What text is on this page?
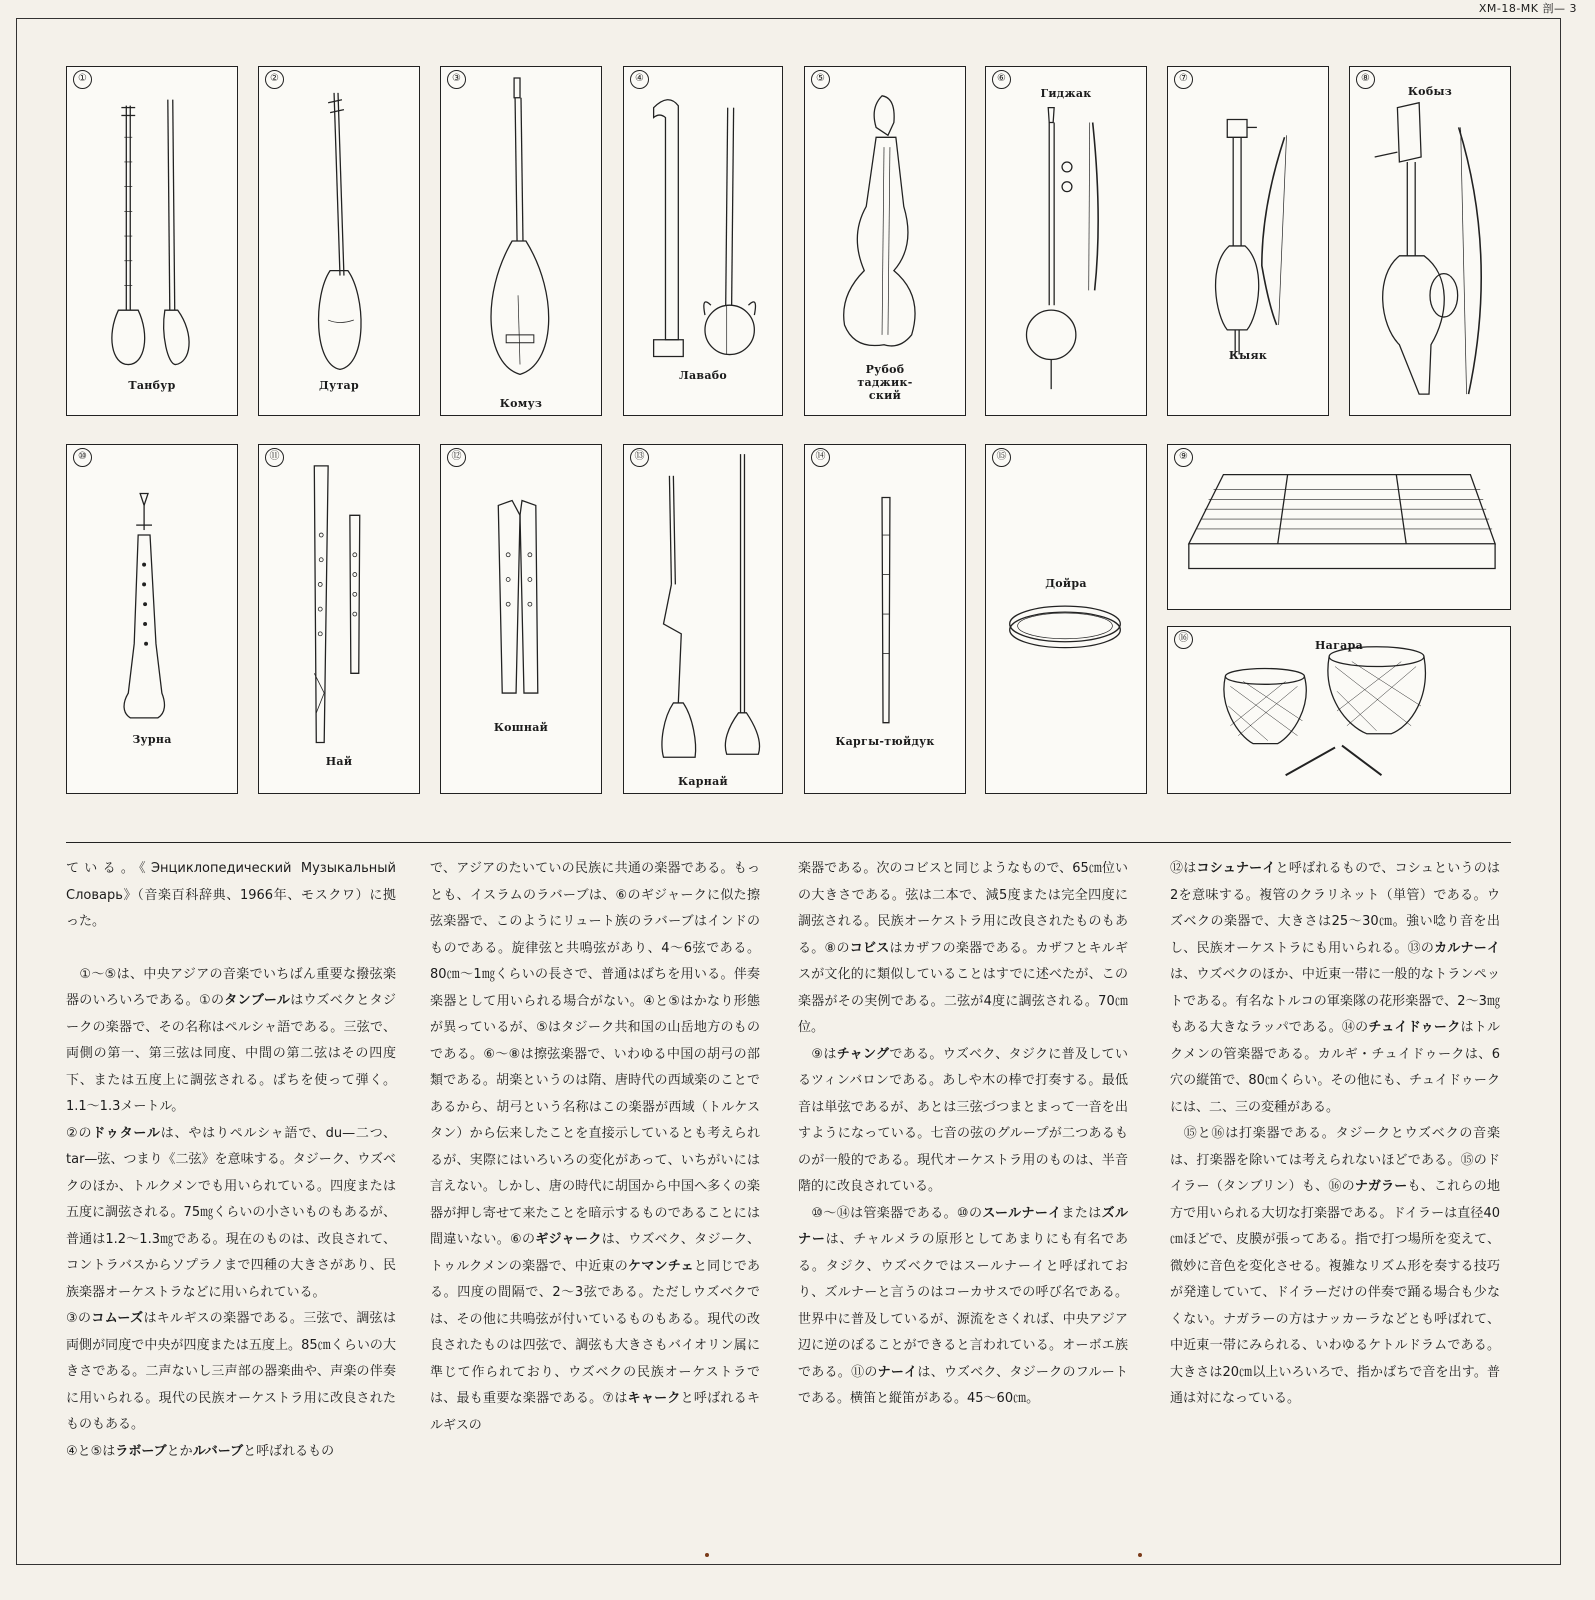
XM-18-MK 剖— 3
①
Танбур
②
Дутар
③
Комуз
④
Лавабо
⑤
Рубоб
таджик-
ский
⑥
Гиджак
⑦
Кыяк
⑧
Кобыз
⑩
Зурна
⑪
Най
⑫
Кошнай
⑬
Карнай
⑭
Каргы-тюйдук
⑮
Дойра
⑨
⑯
Нагара

ている。《Энциклопедический Музыкальный Словарь》（音楽百科辞典、1966年、モスクワ）に拠った。

　①～⑤は、中央アジアの音楽でいちばん重要な撥弦楽器のいろいろである。①のタンブールはウズベクとタジークの楽器で、その名称はペルシャ語である。三弦で、両側の第一、第三弦は同度、中間の第二弦はその四度下、または五度上に調弦される。ばちを使って弾く。1.1～1.3メートル。

②のドゥタールは、やはりペルシャ語で、du—二つ、tar—弦、つまり《二弦》を意味する。タジーク、ウズベクのほか、トルクメンでも用いられている。四度または五度に調弦される。75㎎くらいの小さいものもあるが、普通は1.2～1.3㎎である。現在のものは、改良されて、コントラバスからソプラノまで四種の大きさがあり、民族楽器オーケストラなどに用いられている。

③のコムーズはキルギスの楽器である。三弦で、調弦は両側が同度で中央が四度または五度上。85㎝くらいの大きさである。二声ないし三声部の器楽曲や、声楽の伴奏に用いられる。現代の民族オーケストラ用に改良されたものもある。

④と⑤はラボーブとかルバーブと呼ばれるもの

で、アジアのたいていの民族に共通の楽器である。もっとも、イスラムのラバーブは、⑥のギジャークに似た擦弦楽器で、このようにリュート族のラバーブはインドのものである。旋律弦と共鳴弦があり、4～6弦である。80㎝～1㎎くらいの長さで、普通はばちを用いる。伴奏楽器として用いられる場合がない。④と⑤はかなり形態が異っているが、⑤はタジーク共和国の山岳地方のものである。⑥～⑧は擦弦楽器で、いわゆる中国の胡弓の部類である。胡楽というのは隋、唐時代の西域楽のことであるから、胡弓という名称はこの楽器が西域（トルケスタン）から伝来したことを直接示しているとも考えられるが、実際にはいろいろの変化があって、いちがいには言えない。しかし、唐の時代に胡国から中国へ多くの楽器が押し寄せて来たことを暗示するものであることには間違いない。⑥のギジャークは、ウズベク、タジーク、トゥルクメンの楽器で、中近東のケマンチェと同じである。四度の間隔で、2～3弦である。ただしウズベクでは、その他に共鳴弦が付いているものもある。現代の改良されたものは四弦で、調弦も大きさもバイオリン属に準じて作られており、ウズベクの民族オーケストラでは、最も重要な楽器である。⑦はキャークと呼ばれるキルギスの

楽器である。次のコビスと同じようなもので、65㎝位いの大きさである。弦は二本で、減5度または完全四度に調弦される。民族オーケストラ用に改良されたものもある。⑧のコビスはカザフの楽器である。カザフとキルギスが文化的に類似していることはすでに述べたが、この楽器がその実例である。二弦が4度に調弦される。70㎝位。

　⑨はチャングである。ウズベク、タジクに普及しているツィンバロンである。あしや木の棒で打奏する。最低音は単弦であるが、あとは三弦づつまとまって一音を出すようになっている。七音の弦のグループが二つあるものが一般的である。現代オーケストラ用のものは、半音階的に改良されている。

　⑩～⑭は管楽器である。⑩のスールナーイまたはズルナーは、チャルメラの原形としてあまりにも有名である。タジク、ウズベクではスールナーイと呼ばれており、ズルナーと言うのはコーカサスでの呼び名である。世界中に普及しているが、源流をさくれば、中央アジア辺に逆のぼることができると言われている。オーボエ族である。⑪のナーイは、ウズベク、タジークのフルートである。横笛と縦笛がある。45～60㎝。

⑫はコシュナーイと呼ばれるもので、コシュというのは2を意味する。複管のクラリネット（単管）である。ウズベクの楽器で、大きさは25～30㎝。強い唸り音を出し、民族オーケストラにも用いられる。⑬のカルナーイは、ウズベクのほか、中近東一帯に一般的なトランペットである。有名なトルコの軍楽隊の花形楽器で、2～3㎎もある大きなラッパである。⑭のチュイドゥークはトルクメンの管楽器である。カルギ・チュイドゥークは、6穴の縦笛で、80㎝くらい。その他にも、チュイドゥークには、二、三の変種がある。

　⑮と⑯は打楽器である。タジークとウズベクの音楽は、打楽器を除いては考えられないほどである。⑮のドイラー（タンブリン）も、⑯のナガラーも、これらの地方で用いられる大切な打楽器である。ドイラーは直径40㎝ほどで、皮膜が張ってある。指で打つ場所を変えて、微妙に音色を変化させる。複雑なリズム形を奏する技巧が発達していて、ドイラーだけの伴奏で踊る場合も少なくない。ナガラーの方はナッカーラなどとも呼ばれて、中近東一帯にみられる、いわゆるケトルドラムである。大きさは20㎝以上いろいろで、指かばちで音を出す。普通は対になっている。
